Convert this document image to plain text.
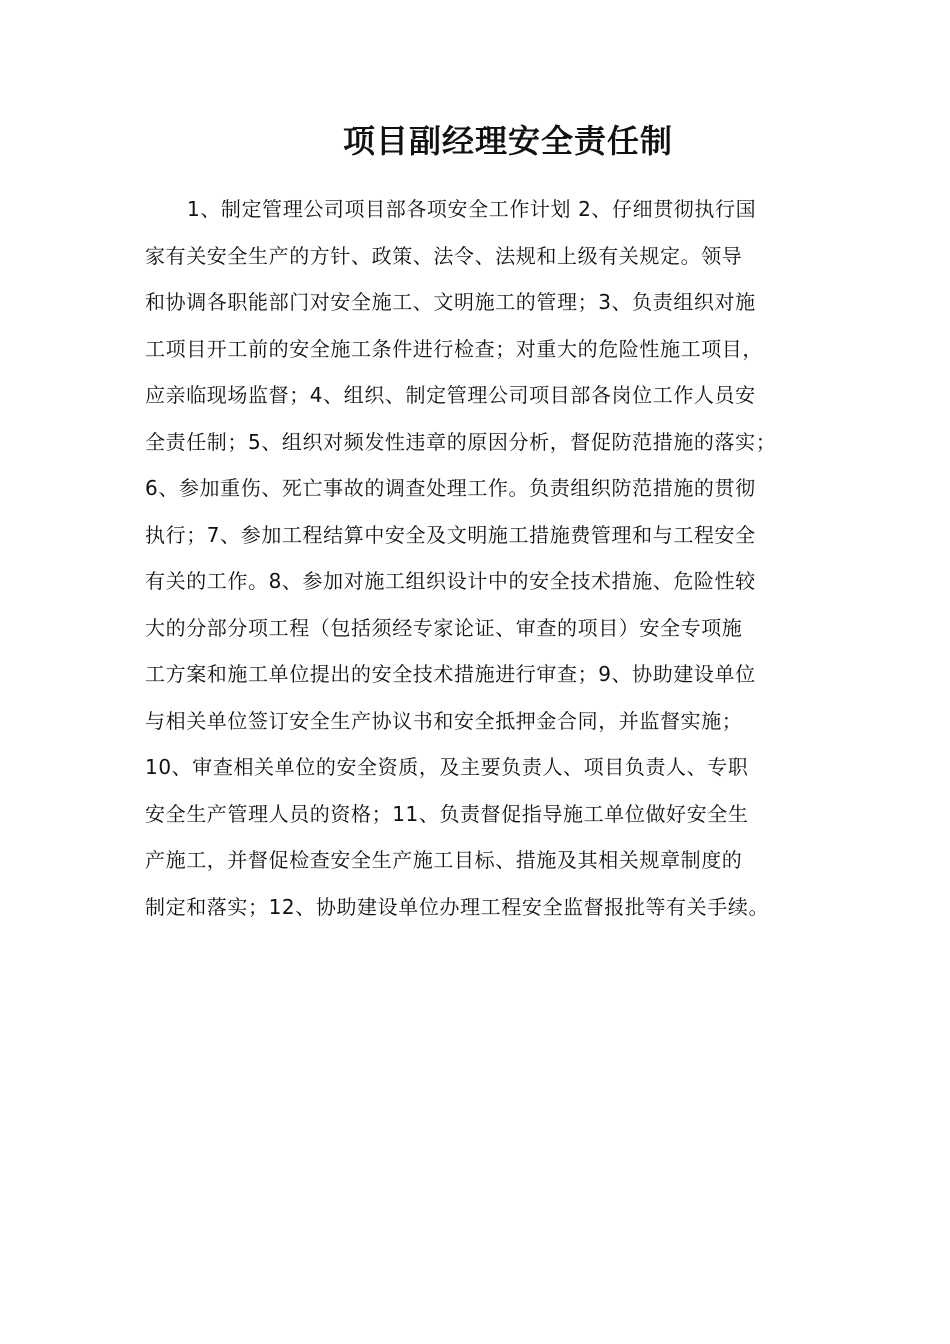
项目副经理安全责任制
1、制定管理公司项目部各项安全工作计划 2、仔细贯彻执行国
家有关安全生产的方针、政策、法令、法规和上级有关规定。领导
和协调各职能部门对安全施工、文明施工的管理；3、负责组织对施
工项目开工前的安全施工条件进行检查；对重大的危险性施工项目，
应亲临现场监督；4、组织、制定管理公司项目部各岗位工作人员安
全责任制；5、组织对频发性违章的原因分析，督促防范措施的落实；
6、参加重伤、死亡事故的调查处理工作。负责组织防范措施的贯彻
执行；7、参加工程结算中安全及文明施工措施费管理和与工程安全
有关的工作。8、参加对施工组织设计中的安全技术措施、危险性较
大的分部分项工程（包括须经专家论证、审查的项目）安全专项施
工方案和施工单位提出的安全技术措施进行审查；9、协助建设单位
与相关单位签订安全生产协议书和安全抵押金合同，并监督实施；
10、审查相关单位的安全资质，及主要负责人、项目负责人、专职
安全生产管理人员的资格；11、负责督促指导施工单位做好安全生
产施工，并督促检查安全生产施工目标、措施及其相关规章制度的
制定和落实；12、协助建设单位办理工程安全监督报批等有关手续。
